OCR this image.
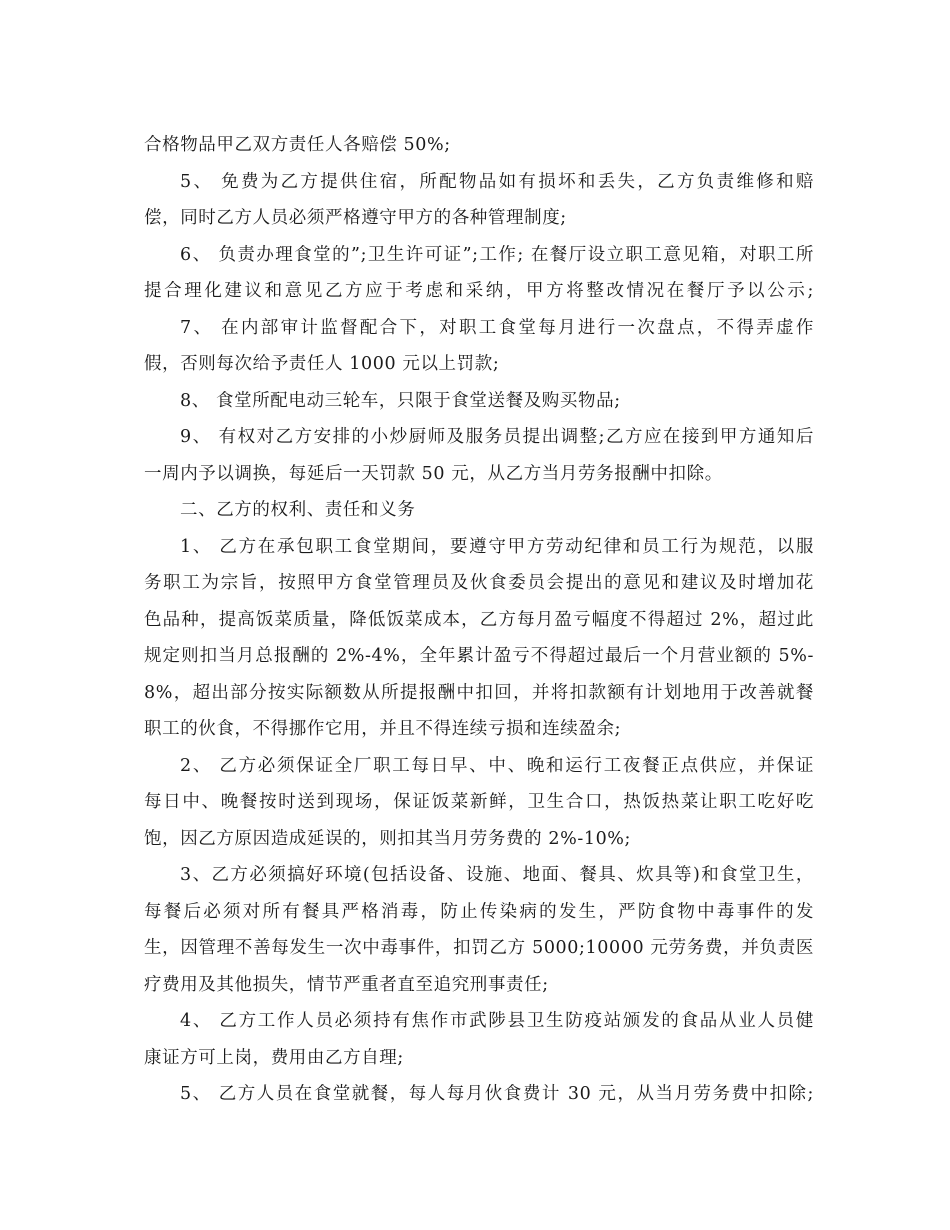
合格物品甲乙双方责任人各赔偿 50%;
5、 免费为乙方提供住宿，所配物品如有损坏和丢失，乙方负责维修和赔
偿，同时乙方人员必须严格遵守甲方的各种管理制度;
6、 负责办理食堂的”;卫生许可证”;工作; 在餐厅设立职工意见箱，对职工所
提合理化建议和意见乙方应于考虑和采纳，甲方将整改情况在餐厅予以公示;
7、 在内部审计监督配合下，对职工食堂每月进行一次盘点，不得弄虚作
假，否则每次给予责任人 1000 元以上罚款;
8、 食堂所配电动三轮车，只限于食堂送餐及购买物品;
9、 有权对乙方安排的小炒厨师及服务员提出调整;乙方应在接到甲方通知后
一周内予以调换，每延后一天罚款 50 元，从乙方当月劳务报酬中扣除。
二、乙方的权利、责任和义务
1、 乙方在承包职工食堂期间，要遵守甲方劳动纪律和员工行为规范，以服
务职工为宗旨，按照甲方食堂管理员及伙食委员会提出的意见和建议及时增加花
色品种，提高饭菜质量，降低饭菜成本，乙方每月盈亏幅度不得超过 2%，超过此
规定则扣当月总报酬的 2%-4%，全年累计盈亏不得超过最后一个月营业额的 5%-
8%，超出部分按实际额数从所提报酬中扣回，并将扣款额有计划地用于改善就餐
职工的伙食，不得挪作它用，并且不得连续亏损和连续盈余;
2、 乙方必须保证全厂职工每日早、中、晚和运行工夜餐正点供应，并保证
每日中、晚餐按时送到现场，保证饭菜新鲜，卫生合口，热饭热菜让职工吃好吃
饱，因乙方原因造成延误的，则扣其当月劳务费的 2%-10%;
3、乙方必须搞好环境(包括设备、设施、地面、餐具、炊具等)和食堂卫生，
每餐后必须对所有餐具严格消毒，防止传染病的发生，严防食物中毒事件的发
生，因管理不善每发生一次中毒事件，扣罚乙方 5000;10000 元劳务费，并负责医
疗费用及其他损失，情节严重者直至追究刑事责任;
4、 乙方工作人员必须持有焦作市武陟县卫生防疫站颁发的食品从业人员健
康证方可上岗，费用由乙方自理;
5、 乙方人员在食堂就餐，每人每月伙食费计 30 元，从当月劳务费中扣除;
